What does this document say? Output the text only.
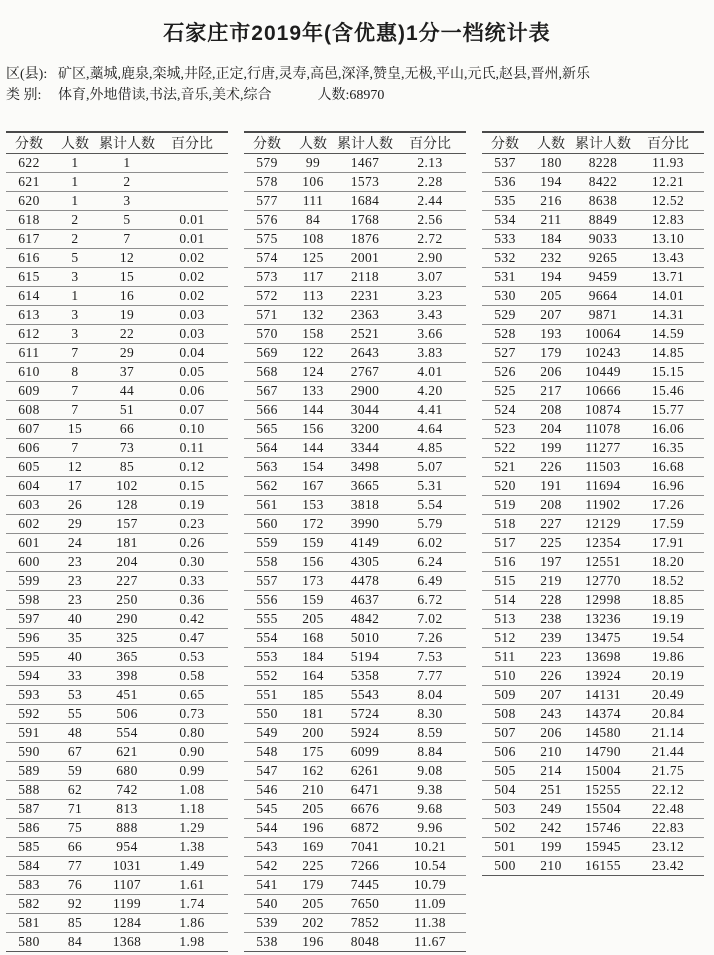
石家庄市2019年(含优惠)1分一档统计表
区(县): 矿区,藁城,鹿泉,栾城,井陉,正定,行唐,灵寿,高邑,深泽,赞皇,无极,平山,元氏,赵县,晋州,新乐
类 别: 体育,外地借读,书法,音乐,美术,综合	人数:68970
分数	人数	累计人数	百分比
622	1	1	
621	1	2	
620	1	3	
618	2	5	0.01
617	2	7	0.01
616	5	12	0.02
615	3	15	0.02
614	1	16	0.02
613	3	19	0.03
612	3	22	0.03
611	7	29	0.04
610	8	37	0.05
609	7	44	0.06
608	7	51	0.07
607	15	66	0.10
606	7	73	0.11
605	12	85	0.12
604	17	102	0.15
603	26	128	0.19
602	29	157	0.23
601	24	181	0.26
600	23	204	0.30
599	23	227	0.33
598	23	250	0.36
597	40	290	0.42
596	35	325	0.47
595	40	365	0.53
594	33	398	0.58
593	53	451	0.65
592	55	506	0.73
591	48	554	0.80
590	67	621	0.90
589	59	680	0.99
588	62	742	1.08
587	71	813	1.18
586	75	888	1.29
585	66	954	1.38
584	77	1031	1.49
583	76	1107	1.61
582	92	1199	1.74
581	85	1284	1.86
580	84	1368	1.98
分数	人数	累计人数	百分比
579	99	1467	2.13
578	106	1573	2.28
577	111	1684	2.44
576	84	1768	2.56
575	108	1876	2.72
574	125	2001	2.90
573	117	2118	3.07
572	113	2231	3.23
571	132	2363	3.43
570	158	2521	3.66
569	122	2643	3.83
568	124	2767	4.01
567	133	2900	4.20
566	144	3044	4.41
565	156	3200	4.64
564	144	3344	4.85
563	154	3498	5.07
562	167	3665	5.31
561	153	3818	5.54
560	172	3990	5.79
559	159	4149	6.02
558	156	4305	6.24
557	173	4478	6.49
556	159	4637	6.72
555	205	4842	7.02
554	168	5010	7.26
553	184	5194	7.53
552	164	5358	7.77
551	185	5543	8.04
550	181	5724	8.30
549	200	5924	8.59
548	175	6099	8.84
547	162	6261	9.08
546	210	6471	9.38
545	205	6676	9.68
544	196	6872	9.96
543	169	7041	10.21
542	225	7266	10.54
541	179	7445	10.79
540	205	7650	11.09
539	202	7852	11.38
538	196	8048	11.67
分数	人数	累计人数	百分比
537	180	8228	11.93
536	194	8422	12.21
535	216	8638	12.52
534	211	8849	12.83
533	184	9033	13.10
532	232	9265	13.43
531	194	9459	13.71
530	205	9664	14.01
529	207	9871	14.31
528	193	10064	14.59
527	179	10243	14.85
526	206	10449	15.15
525	217	10666	15.46
524	208	10874	15.77
523	204	11078	16.06
522	199	11277	16.35
521	226	11503	16.68
520	191	11694	16.96
519	208	11902	17.26
518	227	12129	17.59
517	225	12354	17.91
516	197	12551	18.20
515	219	12770	18.52
514	228	12998	18.85
513	238	13236	19.19
512	239	13475	19.54
511	223	13698	19.86
510	226	13924	20.19
509	207	14131	20.49
508	243	14374	20.84
507	206	14580	21.14
506	210	14790	21.44
505	214	15004	21.75
504	251	15255	22.12
503	249	15504	22.48
502	242	15746	22.83
501	199	15945	23.12
500	210	16155	23.42
